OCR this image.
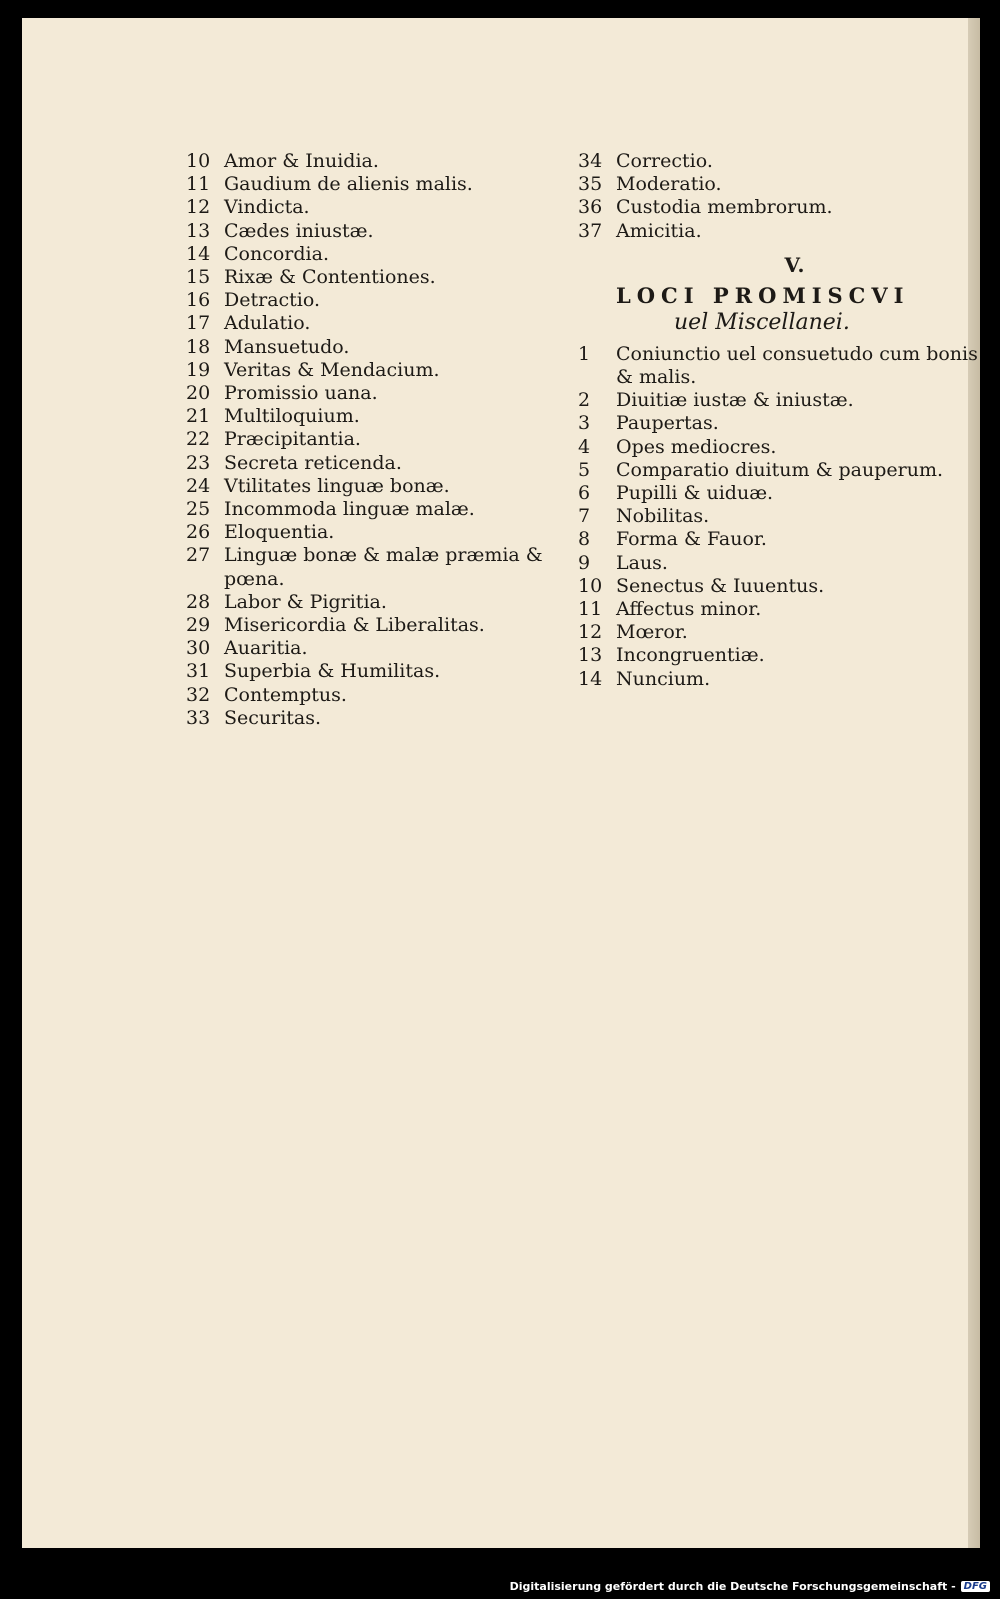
10 Amor & Inuidia.
11 Gaudium de alienis malis.
12 Vindicta.
13 Cædes iniustæ.
14 Concordia.
15 Rixæ & Contentiones.
16 Detractio.
17 Adulatio.
18 Mansuetudo.
19 Veritas & Mendacium.
20 Promissio uana.
21 Multiloquium.
22 Præcipitantia.
23 Secreta reticenda.
24 Vtilitates linguæ bonæ.
25 Incommoda linguæ malæ.
26 Eloquentia.
27 Linguæ bonæ & malæ præmia & pœna.
28 Labor & Pigritia.
29 Misericordia & Liberalitas.
30 Auaritia.
31 Superbia & Humilitas.
32 Contemptus.
33 Securitas.
34 Correctio.
35 Moderatio.
36 Custodia membrorum.
37 Amicitia.
V.
LOCI PROMISCVI
uel Miscellanei.
1	Coniunctio uel consuetudo cum bonis & malis.
2	Diuitiæ iustæ & iniustæ.
3	Paupertas.
4	Opes mediocres.
5	Comparatio diuitum & pauperum.
6	Pupilli & uiduæ.
7	Nobilitas.
8	Forma & Fauor.
9	Laus.
10 Senectus & Iuuentus.
11 Affectus minor.
12 Mœror.
13 Incongruentiæ.
14 Nuncium.
Digitalisierung gefördert durch die Deutsche Forschungsgemeinschaft - DFG
